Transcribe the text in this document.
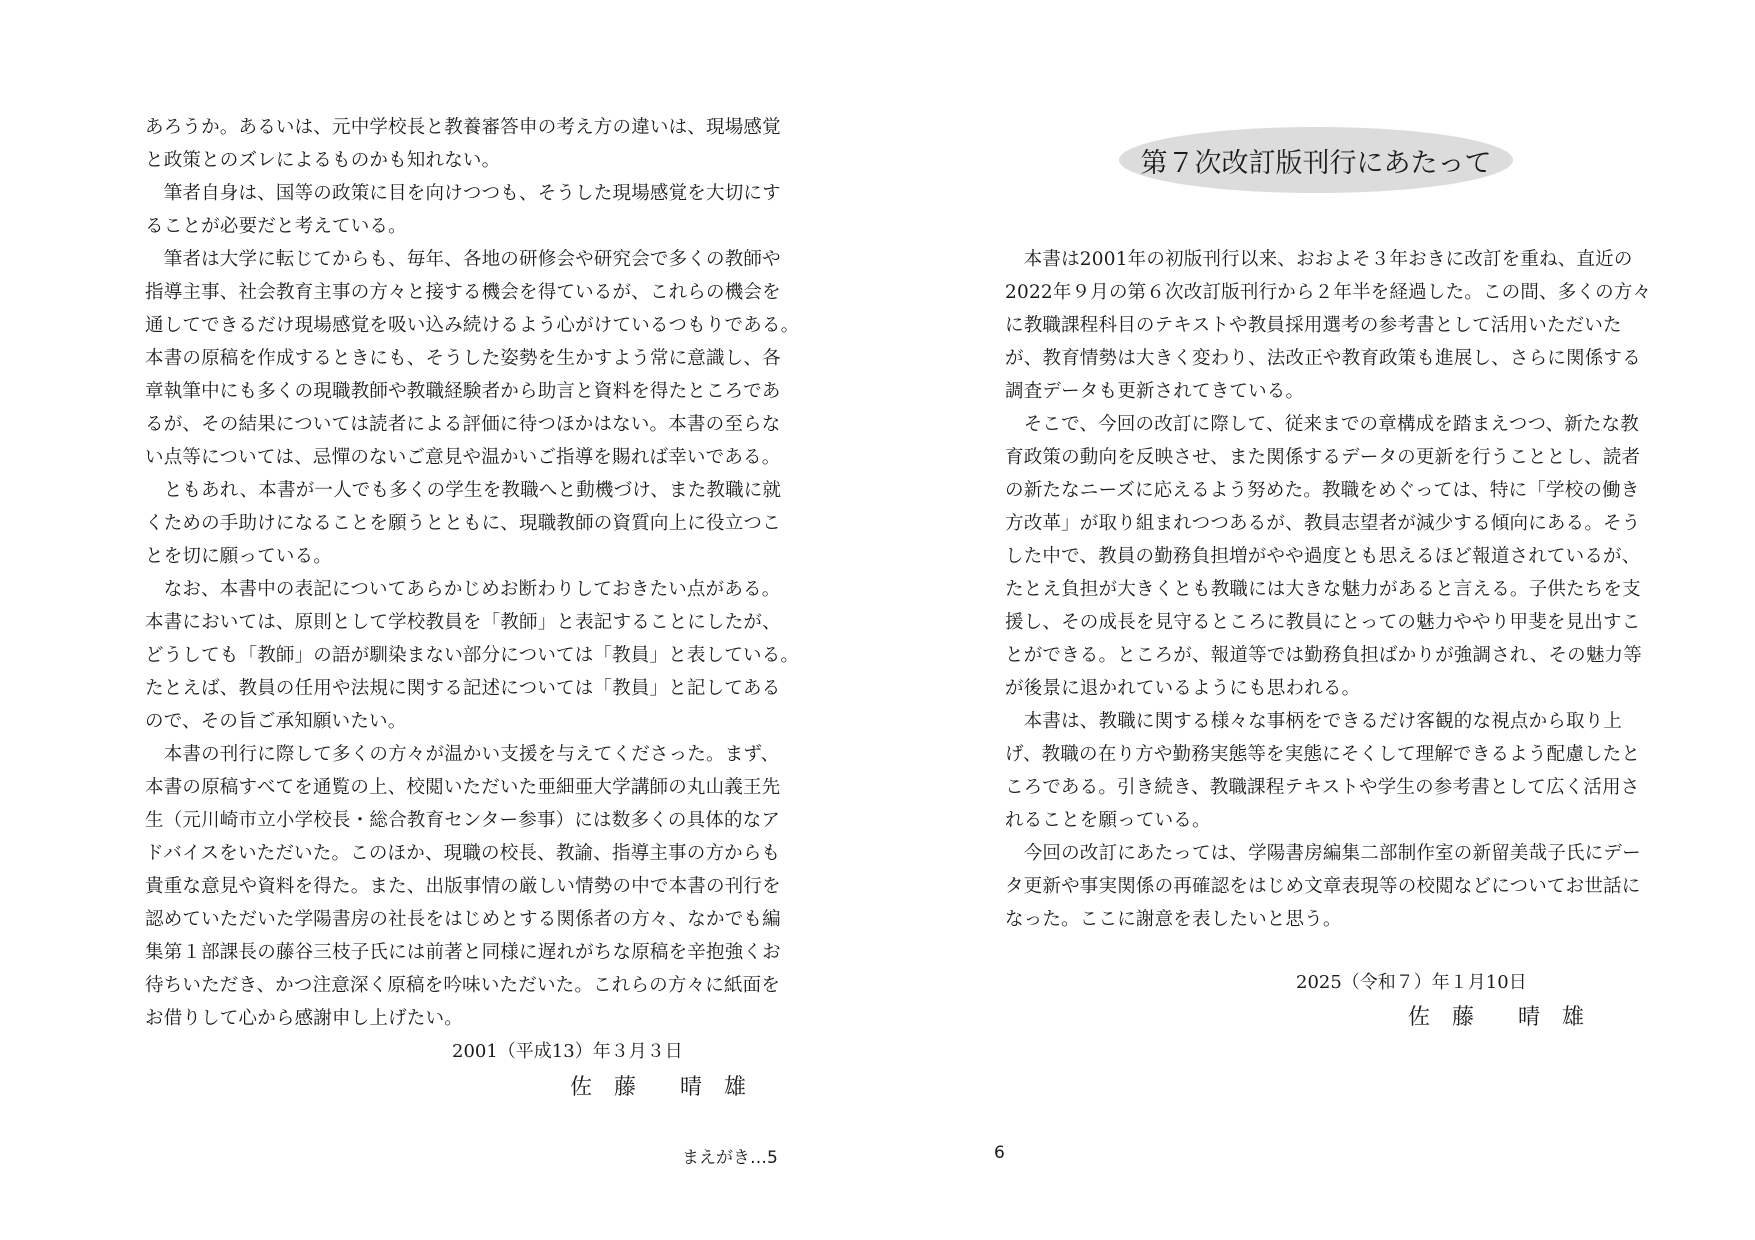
あろうか。あるいは、元中学校長と教養審答申の考え方の違いは、現場感覚
と政策とのズレによるものかも知れない。
　筆者自身は、国等の政策に目を向けつつも、そうした現場感覚を大切にす
ることが必要だと考えている。
　筆者は大学に転じてからも、毎年、各地の研修会や研究会で多くの教師や
指導主事、社会教育主事の方々と接する機会を得ているが、これらの機会を
通してできるだけ現場感覚を吸い込み続けるよう心がけているつもりである。
本書の原稿を作成するときにも、そうした姿勢を生かすよう常に意識し、各
章執筆中にも多くの現職教師や教職経験者から助言と資料を得たところであ
るが、その結果については読者による評価に待つほかはない。本書の至らな
い点等については、忌憚のないご意見や温かいご指導を賜れば幸いである。
　ともあれ、本書が一人でも多くの学生を教職へと動機づけ、また教職に就
くための手助けになることを願うとともに、現職教師の資質向上に役立つこ
とを切に願っている。
　なお、本書中の表記についてあらかじめお断わりしておきたい点がある。
本書においては、原則として学校教員を「教師」と表記することにしたが、
どうしても「教師」の語が馴染まない部分については「教員」と表している。
たとえば、教員の任用や法規に関する記述については「教員」と記してある
ので、その旨ご承知願いたい。
　本書の刊行に際して多くの方々が温かい支援を与えてくださった。まず、
本書の原稿すべてを通覧の上、校閲いただいた亜細亜大学講師の丸山義王先
生（元川崎市立小学校長・総合教育センター参事）には数多くの具体的なア
ドバイスをいただいた。このほか、現職の校長、教諭、指導主事の方からも
貴重な意見や資料を得た。また、出版事情の厳しい情勢の中で本書の刊行を
認めていただいた学陽書房の社長をはじめとする関係者の方々、なかでも編
集第１部課長の藤谷三枝子氏には前著と同様に遅れがちな原稿を辛抱強くお
待ちいただき、かつ注意深く原稿を吟味いただいた。これらの方々に紙面を
お借りして心から感謝申し上げたい。
2001（平成13）年３月３日
佐　藤　　晴　雄
まえがき…5
第７次改訂版刊行にあたって
　本書は2001年の初版刊行以来、おおよそ３年おきに改訂を重ね、直近の
2022年９月の第６次改訂版刊行から２年半を経過した。この間、多くの方々
に教職課程科目のテキストや教員採用選考の参考書として活用いただいた
が、教育情勢は大きく変わり、法改正や教育政策も進展し、さらに関係する
調査データも更新されてきている。
　そこで、今回の改訂に際して、従来までの章構成を踏まえつつ、新たな教
育政策の動向を反映させ、また関係するデータの更新を行うこととし、読者
の新たなニーズに応えるよう努めた。教職をめぐっては、特に「学校の働き
方改革」が取り組まれつつあるが、教員志望者が減少する傾向にある。そう
した中で、教員の勤務負担増がやや過度とも思えるほど報道されているが、
たとえ負担が大きくとも教職には大きな魅力があると言える。子供たちを支
援し、その成長を見守るところに教員にとっての魅力ややり甲斐を見出すこ
とができる。ところが、報道等では勤務負担ばかりが強調され、その魅力等
が後景に退かれているようにも思われる。
　本書は、教職に関する様々な事柄をできるだけ客観的な視点から取り上
げ、教職の在り方や勤務実態等を実態にそくして理解できるよう配慮したと
ころである。引き続き、教職課程テキストや学生の参考書として広く活用さ
れることを願っている。
　今回の改訂にあたっては、学陽書房編集二部制作室の新留美哉子氏にデー
タ更新や事実関係の再確認をはじめ文章表現等の校閲などについてお世話に
なった。ここに謝意を表したいと思う。
2025（令和７）年１月10日
佐　藤　　晴　雄
6
